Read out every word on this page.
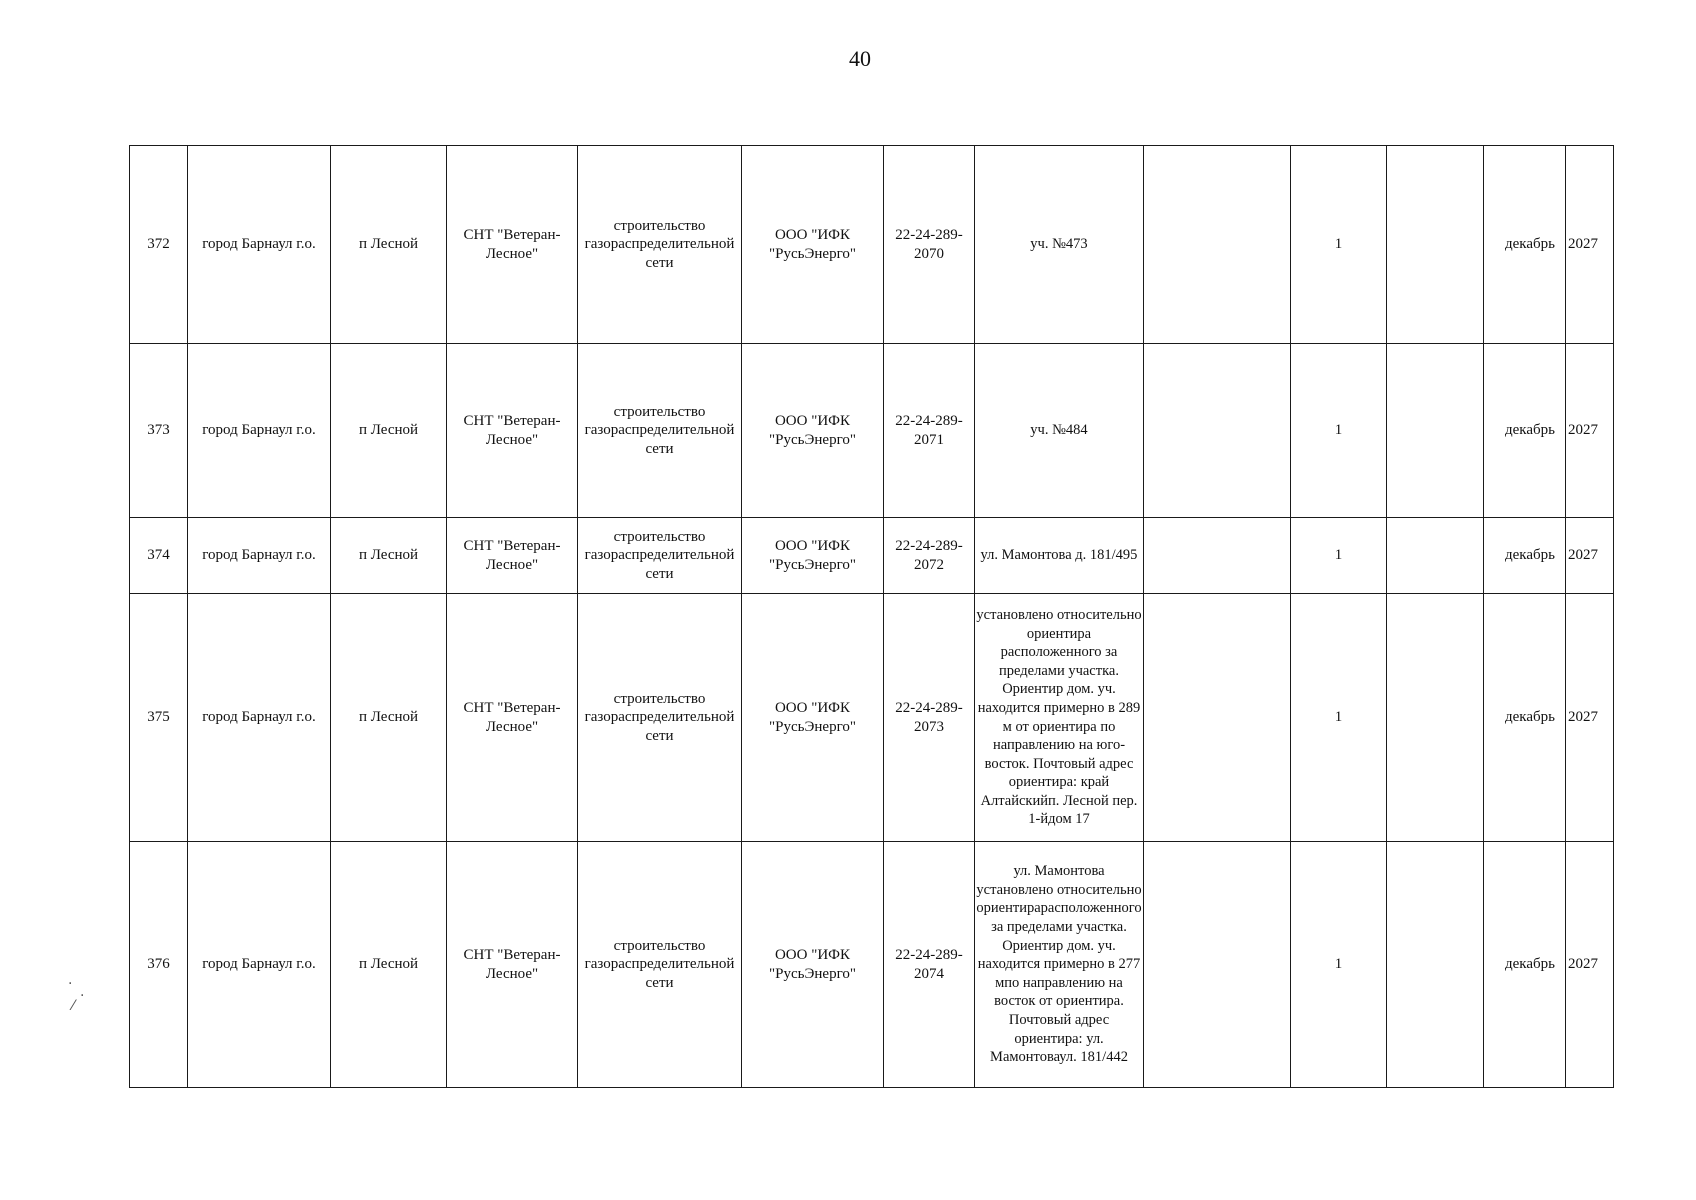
40
372	город Барнаул г.о.	п Лесной	СНТ "Ветеран-Лесное"	строительство газораспределительной сети	ООО "ИФК "РусьЭнерго"	22-24-289-2070	уч. №473		1		декабрь	2027
373	город Барнаул г.о.	п Лесной	СНТ "Ветеран-Лесное"	строительство газораспределительной сети	ООО "ИФК "РусьЭнерго"	22-24-289-2071	уч. №484		1		декабрь	2027
374	город Барнаул г.о.	п Лесной	СНТ "Ветеран-Лесное"	строительство газораспределительной сети	ООО "ИФК "РусьЭнерго"	22-24-289-2072	ул. Мамонтова д. 181/495		1		декабрь	2027
375	город Барнаул г.о.	п Лесной	СНТ "Ветеран-Лесное"	строительство газораспределительной сети	ООО "ИФК "РусьЭнерго"	22-24-289-2073	установлено относительно ориентира расположенного за пределами участка. Ориентир дом. уч. находится примерно в 289 м от ориентира по направлению на юго-восток. Почтовый адрес ориентира: край Алтайскийп. Лесной пер. 1-йдом 17		1		декабрь	2027
376	город Барнаул г.о.	п Лесной	СНТ "Ветеран-Лесное"	строительство газораспределительной сети	ООО "ИФК "РусьЭнерго"	22-24-289-2074	ул. Мамонтова установлено относительно ориентирарасположенного за пределами участка. Ориентир дом. уч. находится примерно в 277 мпо направлению на восток от ориентира. Почтовый адрес ориентира: ул. Мамонтоваул. 181/442		1		декабрь	2027
·
·
⁄
